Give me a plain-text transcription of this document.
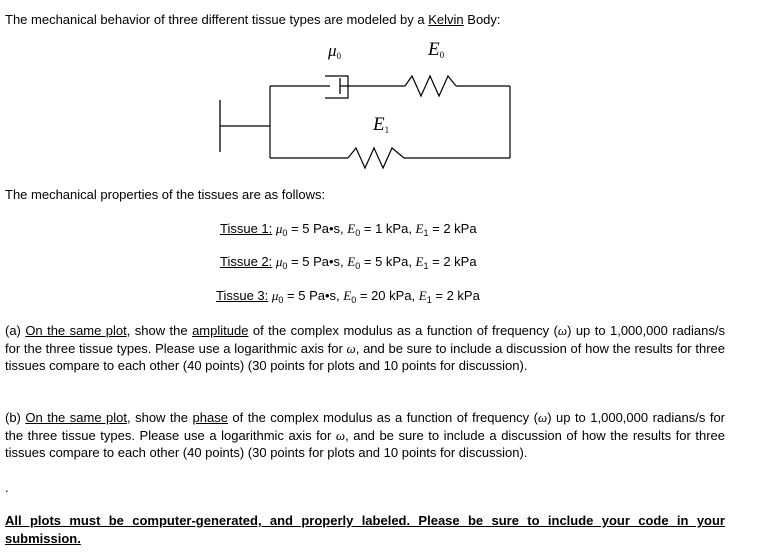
The mechanical behavior of three different tissue types are modeled by a Kelvin Body:
$\mu_0$	$E_0$
$E_1$
The mechanical properties of the tissues are as follows:
Tissue 1: $\mu_0 = 5$ Pa•s, $E_0 = 1$ kPa, $E_1 = 2$ kPa
Tissue 2: $\mu_0 = 5$ Pa•s, $E_0 = 5$ kPa, $E_1 = 2$ kPa
Tissue 3: $\mu_0 = 5$ Pa•s, $E_0 = 20$ kPa, $E_1 = 2$ kPa
(a) On the same plot, show the amplitude of the complex modulus as a function of frequency (ω) up to 1,000,000 radians/s for the three tissue types. Please use a logarithmic axis for ω, and be sure to include a discussion of how the results for three tissues compare to each other (40 points) (30 points for plots and 10 points for discussion).
(b) On the same plot, show the phase of the complex modulus as a function of frequency (ω) up to 1,000,000 radians/s for the three tissue types. Please use a logarithmic axis for ω, and be sure to include a discussion of how the results for three tissues compare to each other (40 points) (30 points for plots and 10 points for discussion).
.
All plots must be computer-generated, and properly labeled. Please be sure to include your code in your submission.
